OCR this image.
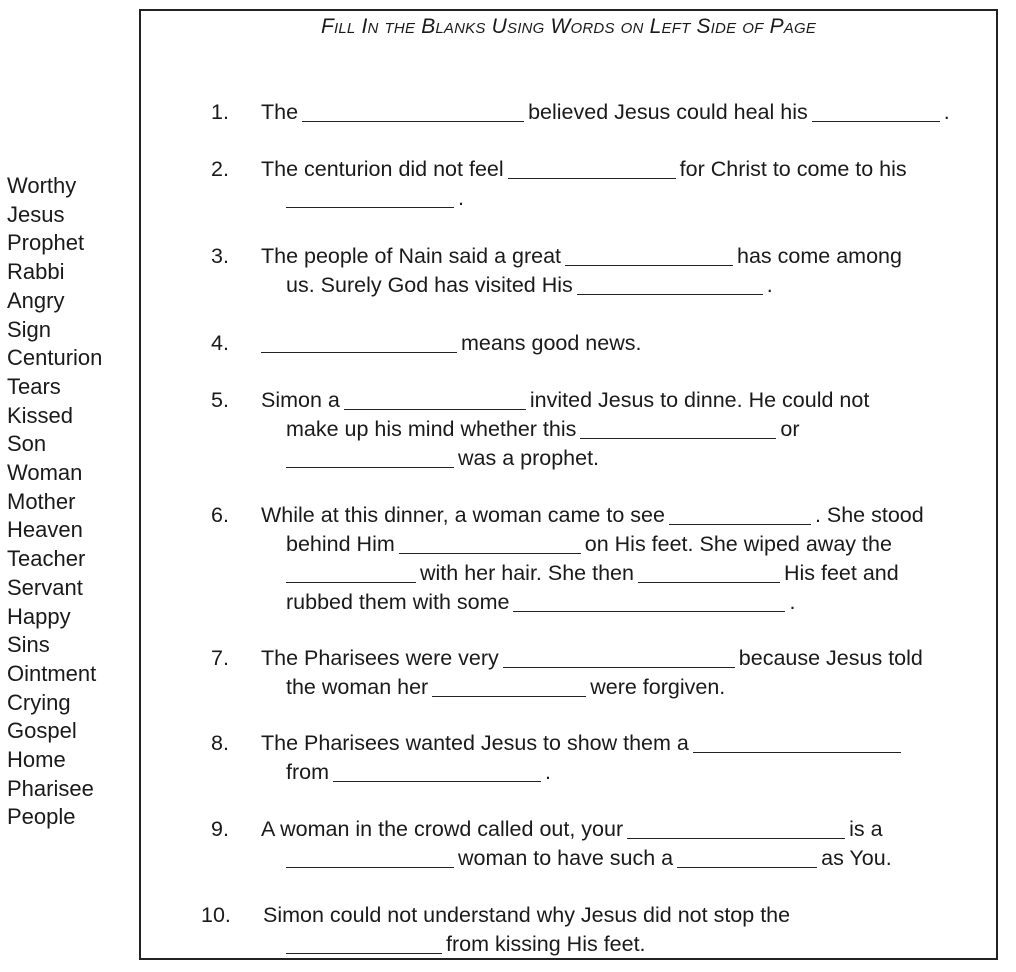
Worthy
Jesus
Prophet
Rabbi
Angry
Sign
Centurion
Tears
Kissed
Son
Woman
Mother
Heaven
Teacher
Servant
Happy
Sins
Ointment
Crying
Gospel
Home
Pharisee
People
Fill In the Blanks Using Words on Left Side of Page
1. The	believed Jesus could heal his	.
2. The centurion did not feel	for Christ to come to his
.
3. The people of Nain said a great	has come among
us. Surely God has visited His	.
4.	means good news.
5. Simon a	invited Jesus to dinne. He could not
make up his mind whether this	or
was a prophet.
6. While at this dinner, a woman came to see	. She stood
behind Him	on His feet. She wiped away the
with her hair. She then	His feet and
rubbed them with some	.
7. The Pharisees were very	because Jesus told
the woman her	were forgiven.
8. The Pharisees wanted Jesus to show them a
from	.
9. A woman in the crowd called out, your	is a
woman to have such a	as You.
10. Simon could not understand why Jesus did not stop the
from kissing His feet.
